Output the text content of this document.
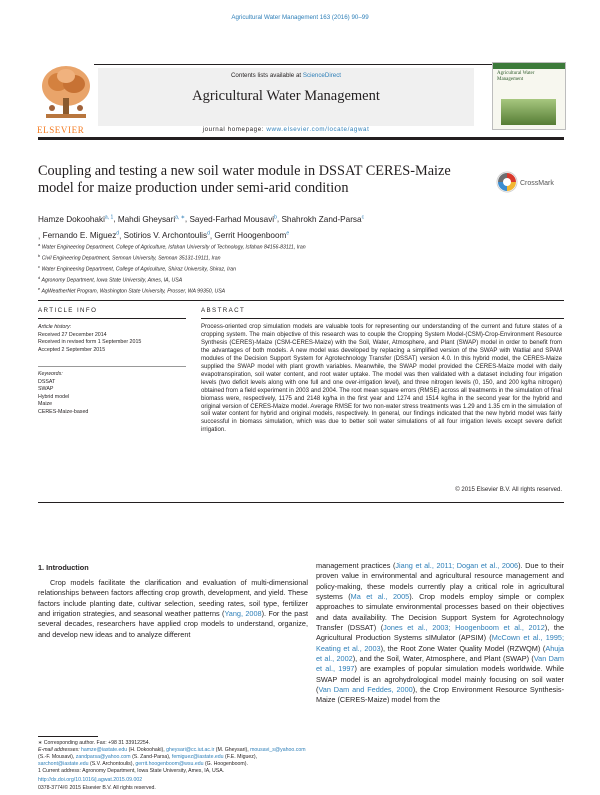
Agricultural Water Management 163 (2016) 90–99
Contents lists available at ScienceDirect
Agricultural Water Management
journal homepage: www.elsevier.com/locate/agwat
ELSEVIER
Agricultural Water Management
Coupling and testing a new soil water module in DSSAT CERES-Maize model for maize production under semi-arid condition	CrossMark
Hamze Dokoohaki$^{a, 1}$, Mahdi Gheysari$^{a, ∗}$, Sayed-Farhad Mousavi$^b$, Shahrokh Zand-Parsa$^c$
, Fernando E. Miguez$^d$, Sotirios V. Archontoulis$^d$, Gerrit Hoogenboom$^e$
$^a$ Water Engineering Department, College of Agriculture, Isfahan University of Technology, Isfahan 84156-83111, Iran
$^b$ Civil Engineering Department, Semnan University, Semnan 35131-19111, Iran
$^c$ Water Engineering Department, College of Agriculture, Shiraz University, Shiraz, Iran
$^d$ Agronomy Department, Iowa State University, Ames, IA, USA
$^e$ AgWeatherNet Program, Washington State University, Prosser, WA 99350, USA
ARTICLE INFO	ABSTRACT
Article history:
Received 27 December 2014
Received in revised form 1 September 2015
Accepted 2 September 2015
Keywords:
DSSAT
SWAP
Hybrid model
Maize
CERES-Maize-based
Process-oriented crop simulation models are valuable tools for representing our understanding of the current and future states of a cropping system. The main objective of this research was to couple the Cropping System Model-(CSM)-Crop-Environment Resource Synthesis (CERES)-Maize (CSM-CERES-Maize) with the Soil, Water, Atmosphere, and Plant (SWAP) model in order to benefit from the advantages of both models. A new model was developed by replacing a simplified version of the SWAP with Watlial and SPAM modules of the Decision Support System for Agrotechnology Transfer (DSSAT) version 4.0. In this hybrid model, the CERES-Maize supplied the SWAP model with plant growth variables. Meanwhile, the SWAP model provided the CERES-Maize model with daily evapotranspiration, soil water content, and root water uptake. The model was then validated with a dataset including four irrigation levels (two deficit levels along with one full and one over-irrigation level), and three nitrogen levels (0, 150, and 200 kg/ha nitrogen) obtained from a field experiment in 2003 and 2004. The root mean square errors (RMSE) across all treatments in the simulation of final biomass were, respectively, 1175 and 2148 kg/ha in the first year and 1274 and 1514 kg/ha in the second year for the hybrid and original version of CERES-Maize model. Average RMSE for two non-water stress treatments was 1.29 and 1.35 cm in the simulation of soil water content for hybrid and original models, respectively. In general, our findings indicated that the new hybrid model was fairly successful in biomass simulation, which was due to better soil water simulations of all four irrigation levels except severe deficit irrigation.
© 2015 Elsevier B.V. All rights reserved.
1. Introduction
Crop models facilitate the clarification and evaluation of multi-dimensional relationships between factors affecting crop growth, development, and yield. These factors include planting date, cultivar selection, seeding rates, soil type, fertilizer and irrigation strategies, and seasonal weather patterns (Yang, 2008). For the past several decades, researchers have applied crop models to understand, organize, and develop new ideas and to analyze different
management practices (Jiang et al., 2011; Dogan et al., 2006). Due to their proven value in environmental and agricultural resource management and policy-making, these models currently play a critical role in agricultural systems (Ma et al., 2005). Crop models employ simple or complex approaches to simulate environmental processes based on their objectives and data availability. The Decision Support System for Agrotechnology Transfer (DSSAT) (Jones et al., 2003; Hoogenboom et al., 2012), the Agricultural Production Systems sIMulator (APSIM) (McCown et al., 1995; Keating et al., 2003), the Root Zone Water Quality Model (RZWQM) (Ahuja et al., 2002), and the Soil, Water, Atmosphere, and Plant (SWAP) (Van Dam et al., 1997) are examples of popular simulation models worldwide. While SWAP model is an agrohydrological model mainly focusing on soil water (Van Dam and Feddes, 2000), the Crop Environment Resource Synthesis-Maize (CERES-Maize) model from the
∗ Corresponding author. Fax: +98 31 33912254.
E-mail addresses: hamze@iastate.edu (H. Dokoohaki), gheysari@cc.iut.ac.ir (M. Gheysari), mousavi_s@yahoo.com (S.-F. Mousavi), zandparsa@yahoo.com (S. Zand-Parsa), femiguez@iastate.edu (F.E. Miguez), sarchont@iastate.edu (S.V. Archontoulis), gerrit.hoogenboom@wsu.edu (G. Hoogenboom).
1 Current address: Agronomy Department, Iowa State University, Ames, IA, USA.
http://dx.doi.org/10.1016/j.agwat.2015.09.002
0378-3774/© 2015 Elsevier B.V. All rights reserved.
